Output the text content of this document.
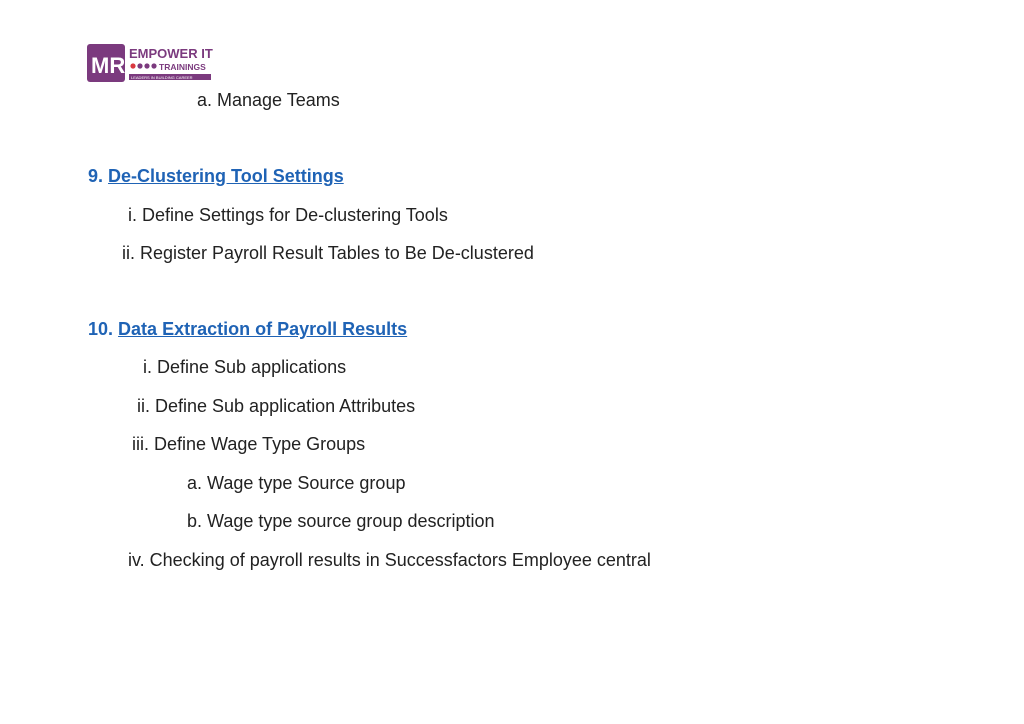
MR EMPOWER IT
TRAININGS
LEADERS IN BUILDING CAREER
a. Manage Teams
9. De-Clustering Tool Settings
i. Define Settings for De-clustering Tools
ii. Register Payroll Result Tables to Be De-clustered
10. Data Extraction of Payroll Results
i. Define Sub applications
ii. Define Sub application Attributes
iii. Define Wage Type Groups
a. Wage type Source group
b. Wage type source group description
iv. Checking of payroll results in Successfactors Employee central
